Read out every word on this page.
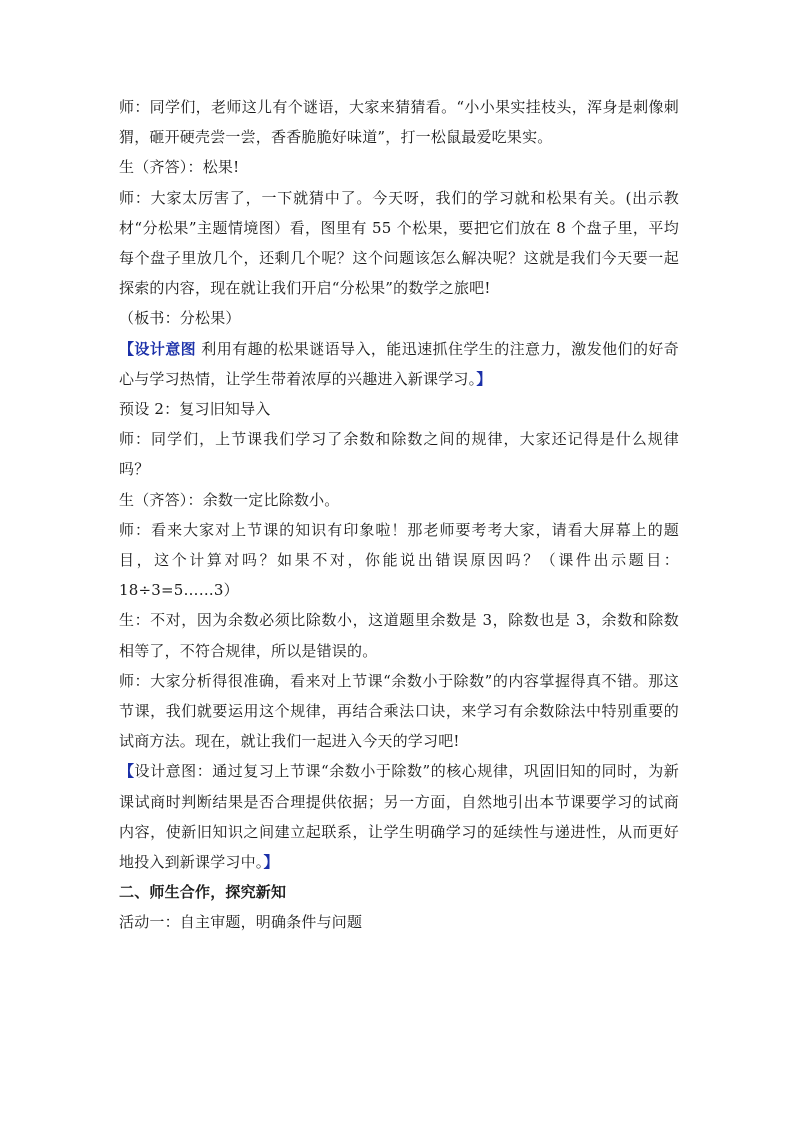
师：同学们，老师这儿有个谜语，大家来猜猜看。“小小果实挂枝头，浑身是刺像刺猬，砸开硬壳尝一尝，香香脆脆好味道”，打一松鼠最爱吃果实。

生（齐答）：松果!

师：大家太厉害了，一下就猜中了。今天呀，我们的学习就和松果有关。(出示教材“分松果”主题情境图）看，图里有 55 个松果，要把它们放在 8 个盘子里，平均每个盘子里放几个，还剩几个呢？这个问题该怎么解决呢？这就是我们今天要一起探索的内容，现在就让我们开启“分松果”的数学之旅吧!

（板书：分松果）

【设计意图 利用有趣的松果谜语导入，能迅速抓住学生的注意力，激发他们的好奇心与学习热情，让学生带着浓厚的兴趣进入新课学习。】

预设 2：复习旧知导入

师：同学们，上节课我们学习了余数和除数之间的规律，大家还记得是什么规律吗？

生（齐答）：余数一定比除数小。

师：看来大家对上节课的知识有印象啦！那老师要考考大家，请看大屏幕上的题目，这个计算对吗？如果不对，你能说出错误原因吗？（课件出示题目：18÷3=5……3）

生：不对，因为余数必须比除数小，这道题里余数是 3，除数也是 3，余数和除数相等了，不符合规律，所以是错误的。

师：大家分析得很准确，看来对上节课“余数小于除数”的内容掌握得真不错。那这节课，我们就要运用这个规律，再结合乘法口诀，来学习有余数除法中特别重要的试商方法。现在，就让我们一起进入今天的学习吧!

【设计意图：通过复习上节课“余数小于除数”的核心规律，巩固旧知的同时，为新课试商时判断结果是否合理提供依据；另一方面，自然地引出本节课要学习的试商内容，使新旧知识之间建立起联系，让学生明确学习的延续性与递进性，从而更好地投入到新课学习中。】

二、师生合作，探究新知

活动一：自主审题，明确条件与问题
